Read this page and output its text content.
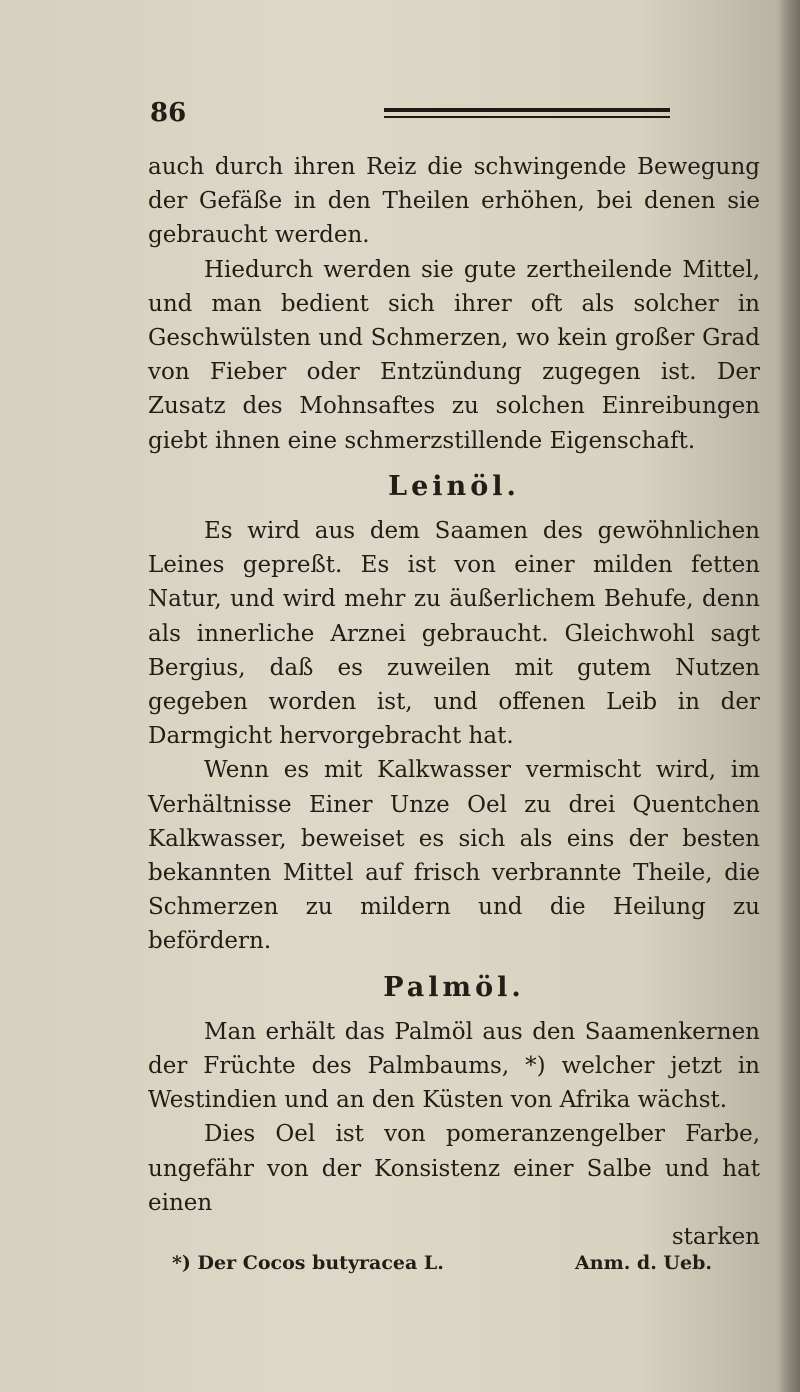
86

auch durch ihren Reiz die schwingende Bewegung der Gefäße in den Theilen erhöhen, bei denen sie gebraucht werden.

Hiedurch werden sie gute zertheilende Mittel, und man bedient sich ihrer oft als solcher in Geschwülsten und Schmerzen, wo kein großer Grad von Fieber oder Entzündung zugegen ist. Der Zusatz des Mohnsaftes zu solchen Einreibungen giebt ihnen eine schmerzstillende Eigenschaft.

Leinöl.

Es wird aus dem Saamen des gewöhnlichen Leines gepreßt. Es ist von einer milden fetten Natur, und wird mehr zu äußerlichem Behufe, denn als innerliche Arznei gebraucht. Gleichwohl sagt Bergius, daß es zuweilen mit gutem Nutzen gegeben worden ist, und offenen Leib in der Darmgicht hervorgebracht hat.

Wenn es mit Kalkwasser vermischt wird, im Verhältnisse Einer Unze Oel zu drei Quentchen Kalkwasser, beweiset es sich als eins der besten bekannten Mittel auf frisch verbrannte Theile, die Schmerzen zu mildern und die Heilung zu befördern.

Palmöl.

Man erhält das Palmöl aus den Saamenkernen der Früchte des Palmbaums, *) welcher jetzt in Westindien und an den Küsten von Afrika wächst.

Dies Oel ist von pomeranzengelber Farbe, ungefähr von der Konsistenz einer Salbe und hat einen

starken

*) Der Cocos butyracea L.	Anm. d. Ueb.
